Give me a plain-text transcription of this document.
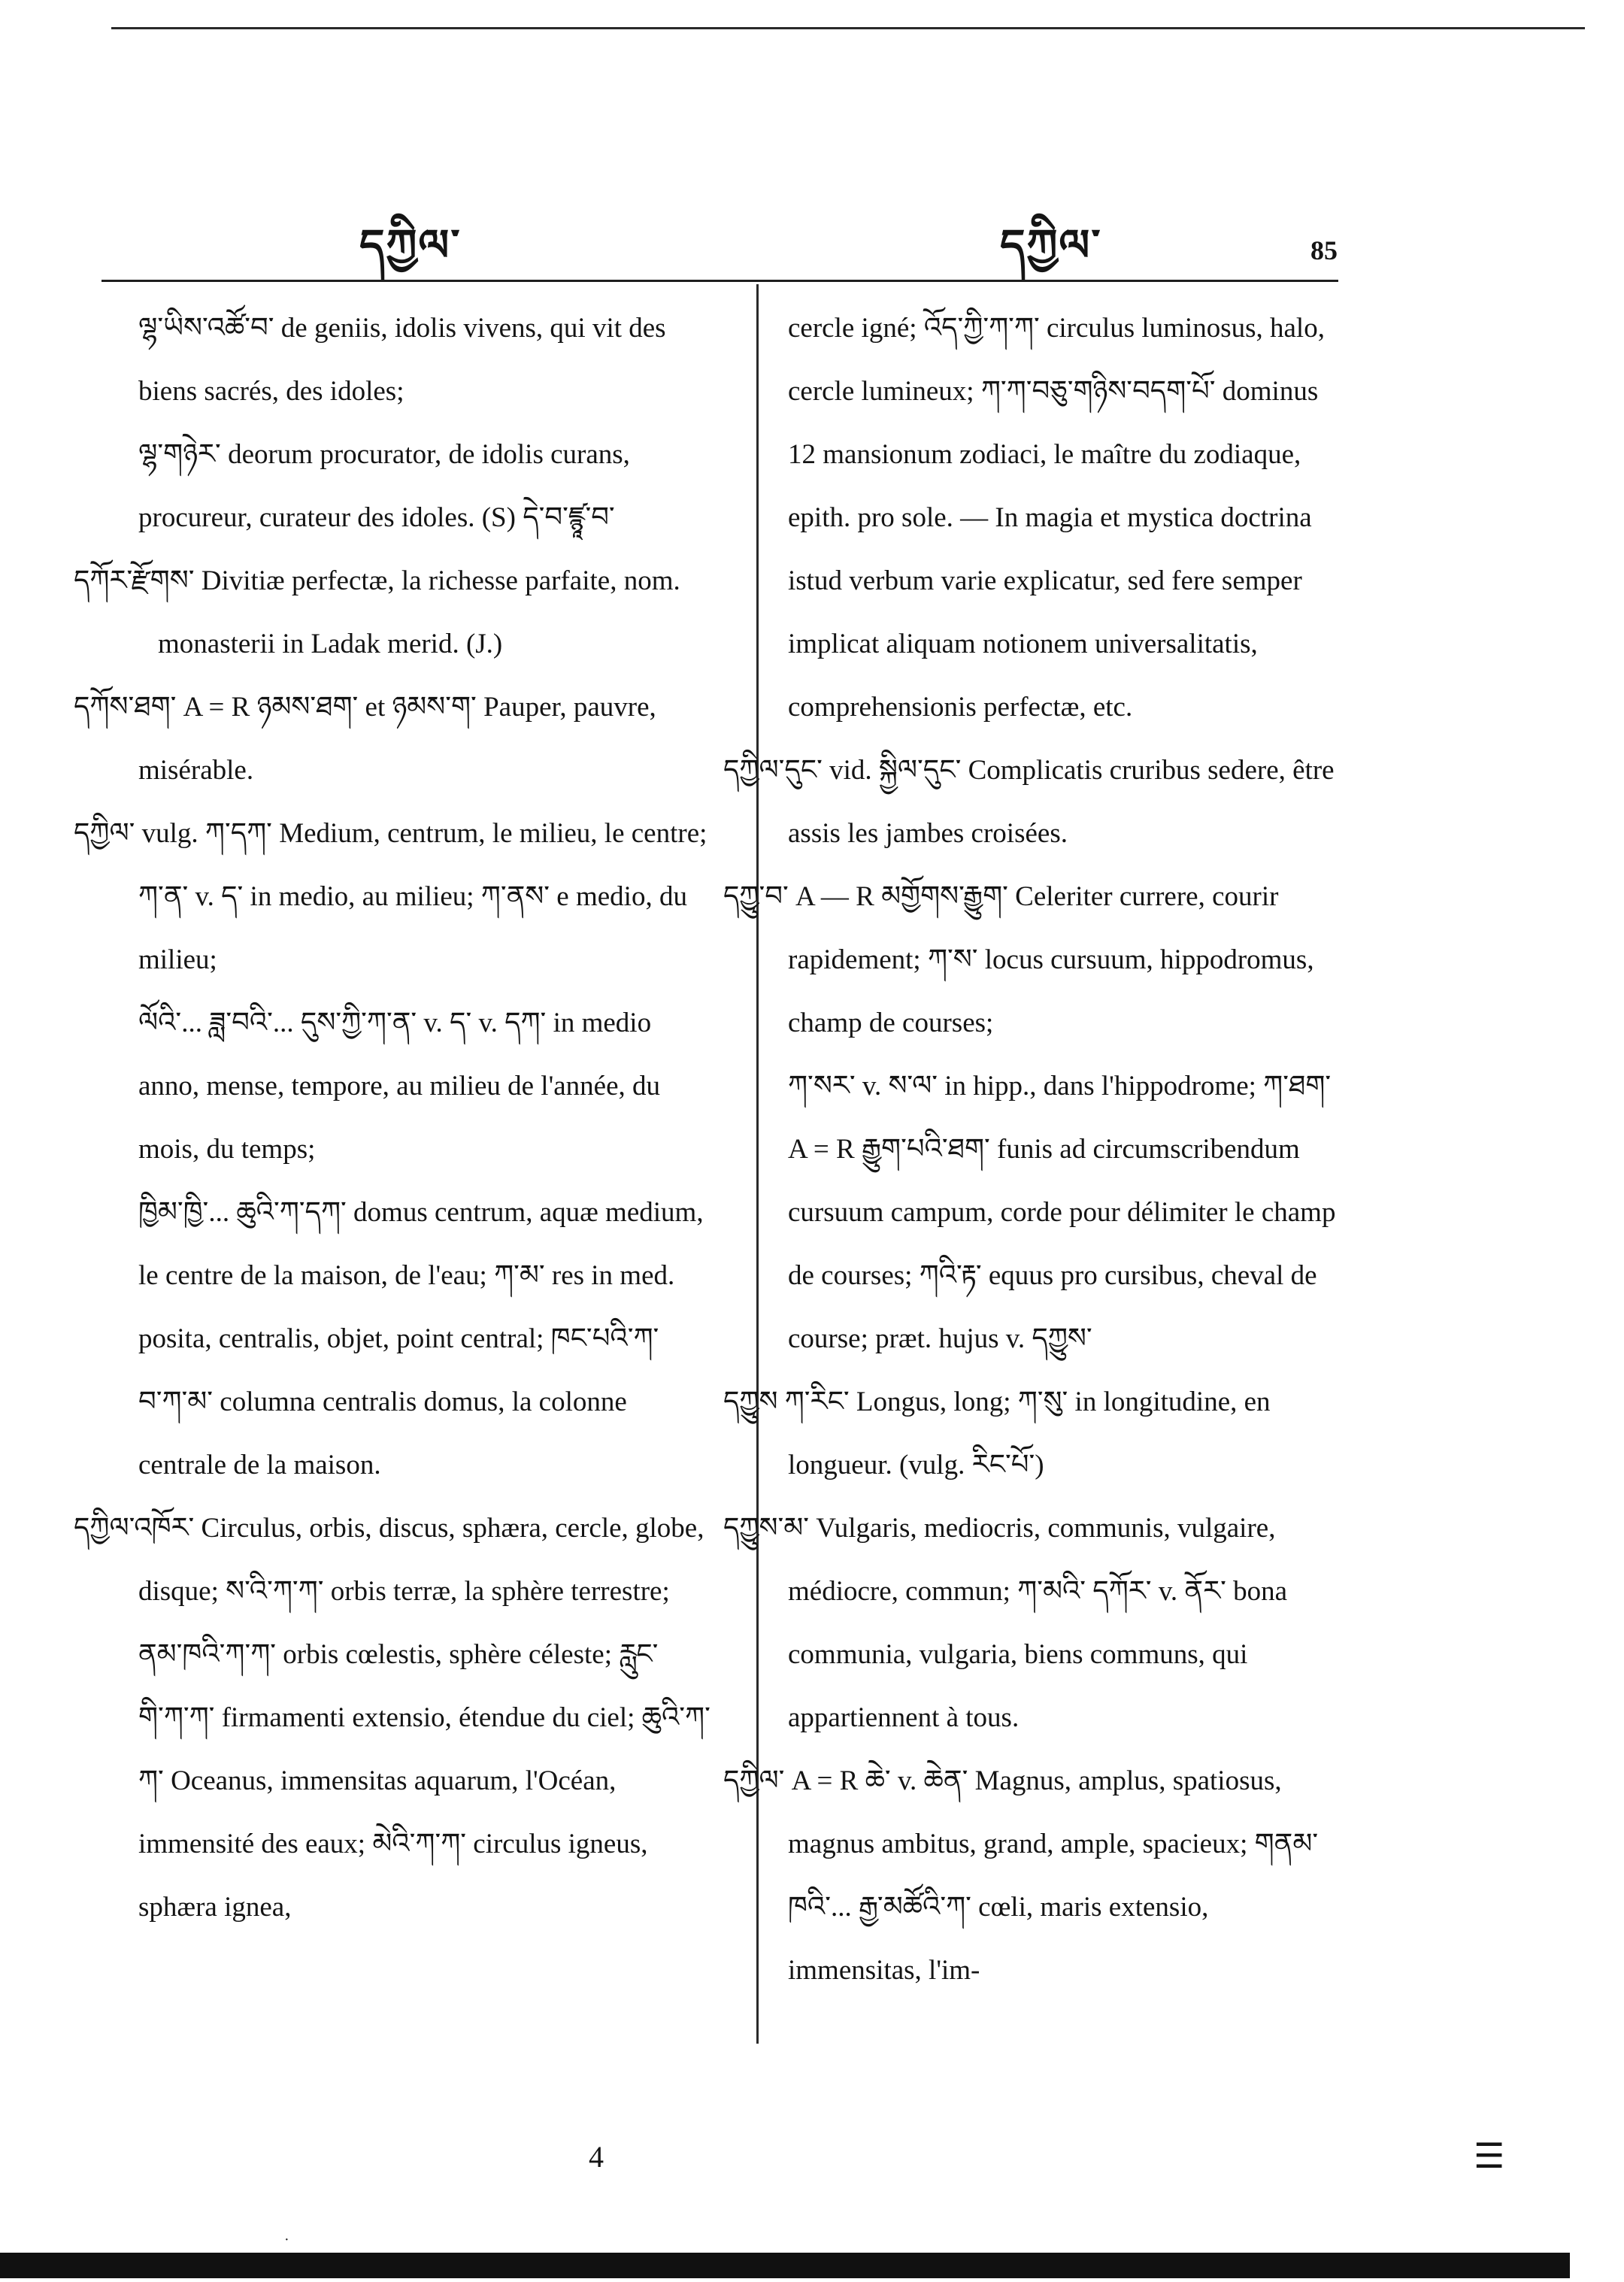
དཀྱིལ་	དཀྱིལ་	85

ལྷ་ཡིས་འཚོ་བ་ de geniis, idolis vivens, qui vit des biens sacrés, des idoles;

ལྷ་གཉེར་ deorum procurator, de idolis curans, procureur, curateur des idoles. (S) དེ་བ་ཛྙཱ་བ་

དཀོར་རྫོགས་ Divitiæ perfectæ, la richesse parfaite, nom. monasterii in Ladak merid. (J.)

དཀོས་ཐག་ A = R ཉམས་ཐག་ et ཉམས་ག་ Pauper, pauvre, misérable.

དཀྱིལ་ vulg. ཀ་དཀ་ Medium, centrum, le milieu, le centre; ཀ་ན་ v. ད་ in medio, au milieu; ཀ་ནས་ e medio, du milieu;

ལོའི་... ཟླ་བའི་... དུས་ཀྱི་ཀ་ན་ v. ད་ v. དཀ་ in medio anno, mense, tempore, au milieu de l'année, du mois, du temps;

ཁྱིམ་ཁྱི་... ཆུའི་ཀ་དཀ་ domus centrum, aquæ medium, le centre de la maison, de l'eau; ཀ་མ་ res in med. posita, centralis, objet, point central; ཁང་པའི་ཀ་

བ་ཀ་མ་ columna centralis domus, la colonne centrale de la maison.

དཀྱིལ་འཁོར་ Circulus, orbis, discus, sphæra, cercle, globe, disque; ས་འི་ཀ་ཀ་ orbis terræ, la sphère terrestre; ནམ་ཁའི་ཀ་ཀ་ orbis cœlestis, sphère céleste; རླུང་

གི་ཀ་ཀ་ firmamenti extensio, étendue du ciel; ཆུའི་ཀ་ཀ་ Oceanus, immensitas aquarum, l'Océan, immensité des eaux; མེའི་ཀ་ཀ་ circulus igneus, sphæra ignea,

cercle igné; འོད་ཀྱི་ཀ་ཀ་ circulus luminosus, halo, cercle lumineux; ཀ་ཀ་བཅུ་གཉིས་བདག་པོ་ dominus 12 mansionum zodiaci, le maître du zodiaque, epith. pro sole. — In magia et mystica doctrina istud verbum varie explicatur, sed fere semper implicat aliquam notionem universalitatis, comprehensionis perfectæ, etc.

དཀྱིལ་དུང་ vid. སྐྱིལ་དུང་ Complicatis cruribus sedere, être assis les jambes croisées.

དཀྱུ་བ་ A — R མགྱོགས་རྒྱུག་ Celeriter currere, courir rapidement; ཀ་ས་ locus cursuum, hippodromus, champ de courses;

ཀ་སར་ v. ས་ལ་ in hipp., dans l'hippodrome; ཀ་ཐག་ A = R རྒྱུག་པའི་ཐག་ funis ad circumscribendum cursuum campum, corde pour délimiter le champ de courses; ཀའི་རྟ་ equus pro cursibus, cheval de course; præt. hujus v. དཀྱུས་

དཀྱུས ཀ་རིང་ Longus, long; ཀ་སུ་ in longitudine, en longueur. (vulg. རིང་པོ་)

དཀྱུས་མ་ Vulgaris, mediocris, communis, vulgaire, médiocre, commun; ཀ་མའི་ དཀོར་ v. ནོར་ bona communia, vulgaria, biens communs, qui appartiennent à tous.

དཀྱིལ་ A = R ཆེ་ v. ཆེན་ Magnus, amplus, spatiosus, magnus ambitus, grand, ample, spacieux; གནམ་ཁའི་... རྒྱ་མཚོའི་ཀ་ cœli, maris extensio, immensitas, l'im-

4	☰
·
